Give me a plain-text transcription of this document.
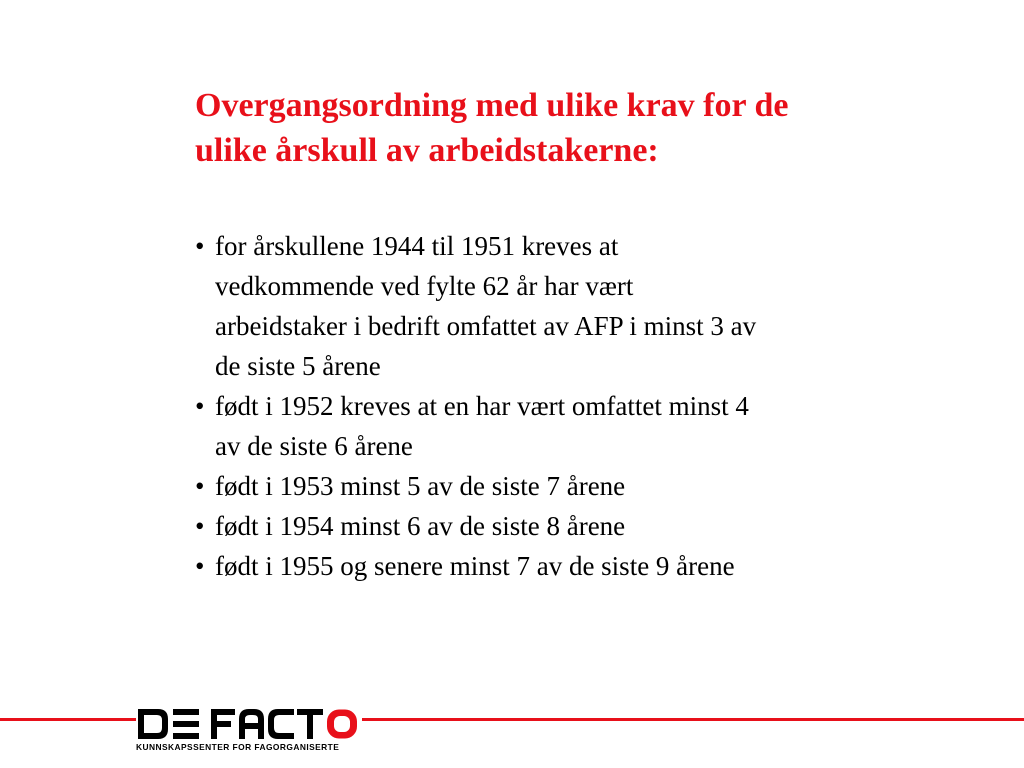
Overgangsordning med ulike krav for de
ulike årskull av arbeidstakerne:
• for årskullene 1944 til 1951 kreves at
vedkommende ved fylte 62 år har vært
arbeidstaker i bedrift omfattet av AFP i minst 3 av
de siste 5 årene
• født i 1952 kreves at en har vært omfattet minst 4
av de siste 6 årene
• født i 1953 minst 5 av de siste 7 årene
• født i 1954 minst 6 av de siste 8 årene
• født i 1955 og senere minst 7 av de siste 9 årene
KUNNSKAPSSENTER FOR FAGORGANISERTE
